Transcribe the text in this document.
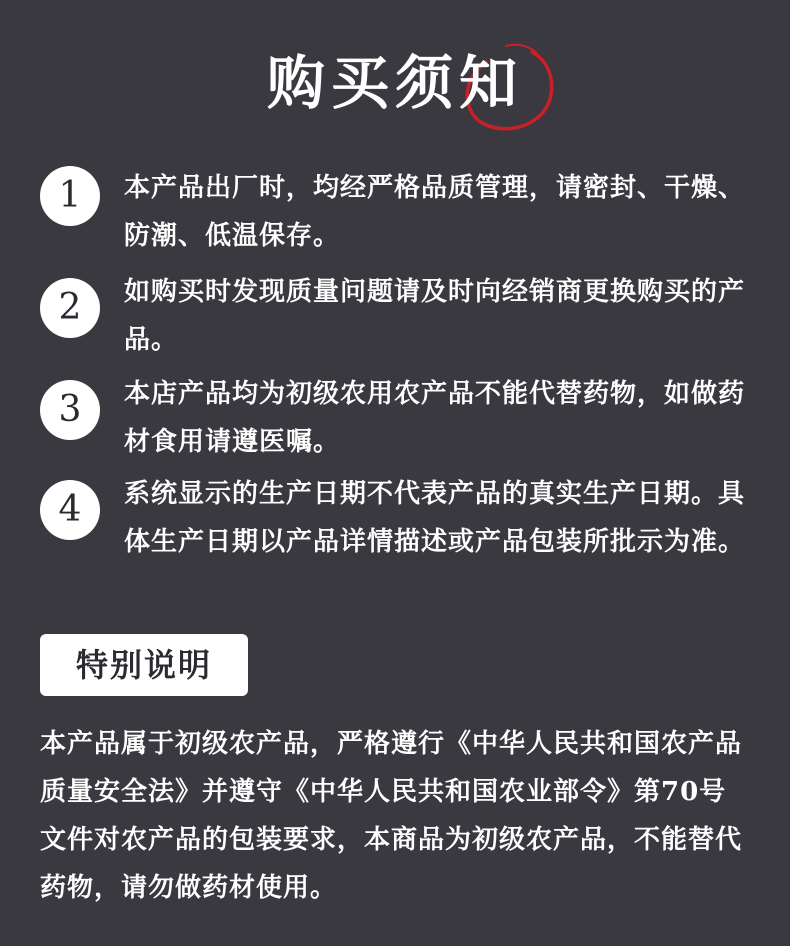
购买须知
1	本产品出厂时，均经严格品质管理，请密封、干燥、防潮、低温保存。
2	如购买时发现质量问题请及时向经销商更换购买的产品。
3	本店产品均为初级农用农产品不能代替药物，如做药材食用请遵医嘱。
4	系统显示的生产日期不代表产品的真实生产日期。具体生产日期以产品详情描述或产品包装所批示为准。
特别说明
本产品属于初级农产品，严格遵行《中华人民共和国农产品质量安全法》并遵守《中华人民共和国农业部令》第70号文件对农产品的包装要求，本商品为初级农产品，不能替代药物，请勿做药材使用。
